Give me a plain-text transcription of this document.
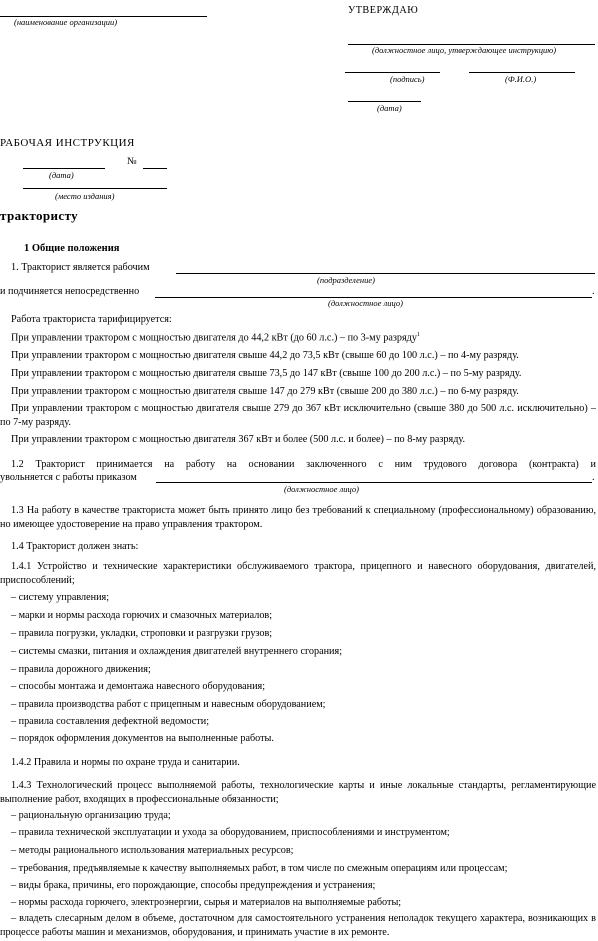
(наименование организации)
УТВЕРЖДАЮ
(должностное лицо, утверждающее инструкцию)
(подпись)	(Ф.И.О.)
(дата)
РАБОЧАЯ ИНСТРУКЦИЯ
№
(дата)
(место издания)
трактористу
1 Общие положения
1. Тракторист является рабочим
(подразделение)
и подчиняется непосредственно	.
(должностное лицо)
Работа тракториста тарифицируется:
При управлении трактором с мощностью двигателя до 44,2 кВт (до 60 л.с.) – по 3-му разряду$^1$
При управлении трактором с мощностью двигателя свыше 44,2 до 73,5 кВт (свыше 60 до 100 л.с.) – по 4-му разряду.
При управлении трактором с мощностью двигателя свыше 73,5 до 147 кВт (свыше 100 до 200 л.с.) – по 5-му разряду.
При управлении трактором с мощностью двигателя свыше 147 до 279 кВт (свыше 200 до 380 л.с.) – по 6-му разряду.
При управлении трактором с мощностью двигателя свыше 279 до 367 кВт исключительно (свыше 380 до 500 л.с. исключительно) – по 7-му разряду.
При управлении трактором с мощностью двигателя 367 кВт и более (500 л.с. и более) – по 8-му разряду.
1.2 Тракторист принимается на работу на основании заключенного с ним трудового договора (контракта) и
увольняется с работы приказом	.
(должностное лицо)
1.3 На работу в качестве тракториста может быть принято лицо без требований к специальному (профессиональному) образованию, но имеющее удостоверение на право управления трактором.
1.4 Тракторист должен знать:
1.4.1 Устройство и технические характеристики обслуживаемого трактора, прицепного и навесного оборудования, двигателей, приспособлений;
– систему управления;
– марки и нормы расхода горючих и смазочных материалов;
– правила погрузки, укладки, строповки и разгрузки грузов;
– системы смазки, питания и охлаждения двигателей внутреннего сгорания;
– правила дорожного движения;
– способы монтажа и демонтажа навесного оборудования;
– правила производства работ с прицепным и навесным оборудованием;
– правила составления дефектной ведомости;
– порядок оформления документов на выполненные работы.
1.4.2 Правила и нормы по охране труда и санитарии.
1.4.3 Технологический процесс выполняемой работы, технологические карты и иные локальные стандарты, регламентирующие выполнение работ, входящих в профессиональные обязанности;
– рациональную организацию труда;
– правила технической эксплуатации и ухода за оборудованием, приспособлениями и инструментом;
– методы рационального использования материальных ресурсов;
– требования, предъявляемые к качеству выполняемых работ, в том числе по смежным операциям или процессам;
– виды брака, причины, его порождающие, способы предупреждения и устранения;
– нормы расхода горючего, электроэнергии, сырья и материалов на выполняемые работы;
– владеть слесарным делом в объеме, достаточном для самостоятельного устранения неполадок текущего характера, возникающих в процессе работы машин и механизмов, оборудования, и принимать участие в их ремонте.
